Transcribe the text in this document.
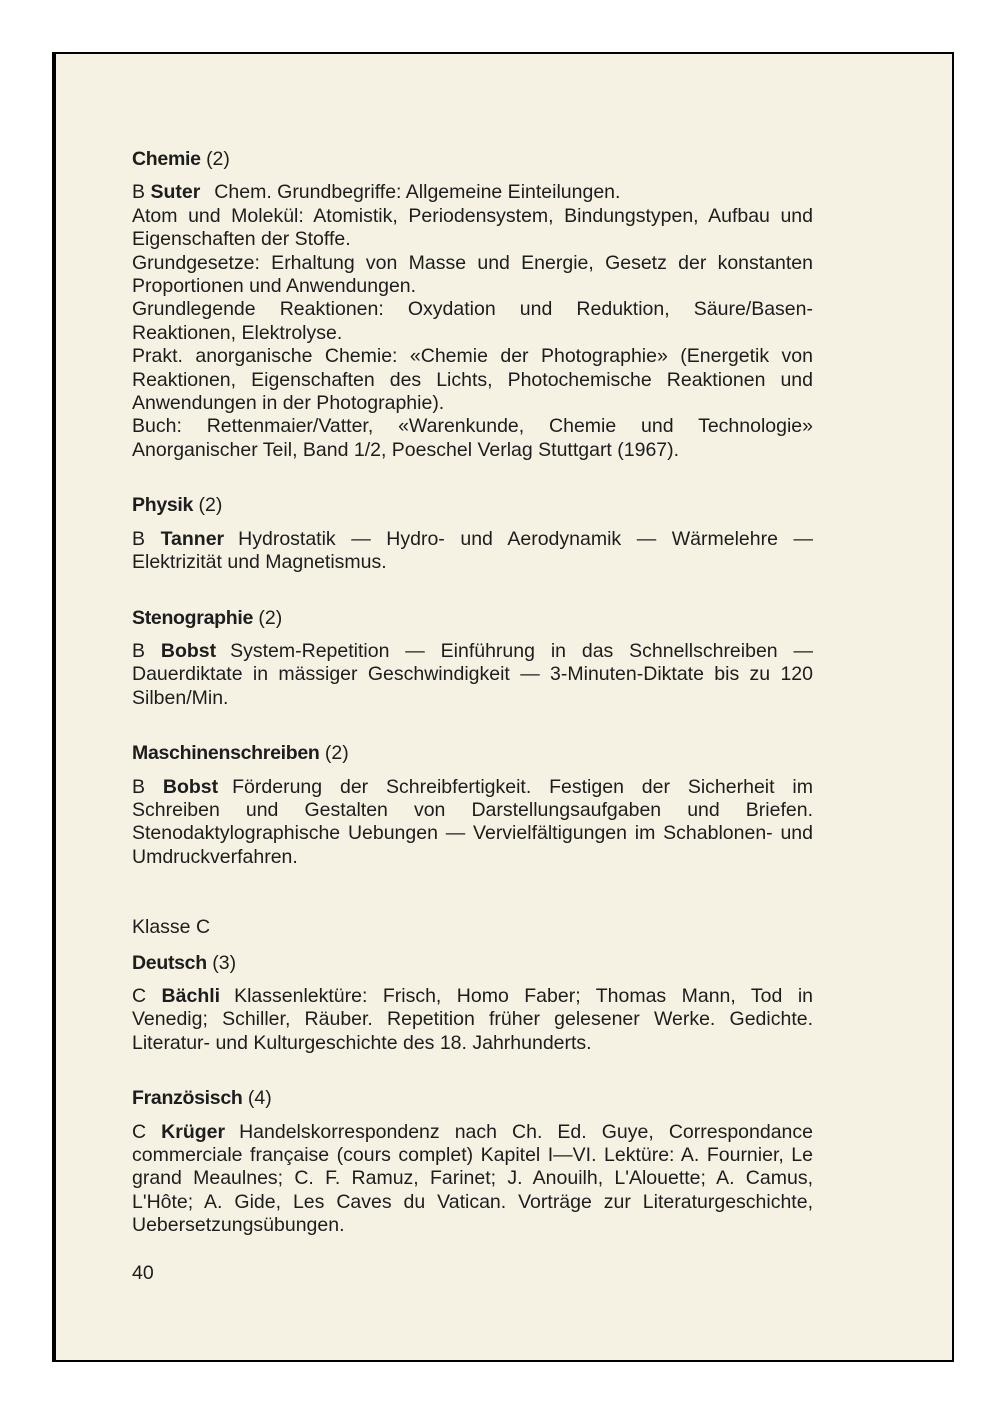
Chemie (2)

B Suter Chem. Grundbegriffe: Allgemeine Einteilungen.

Atom und Molekül: Atomistik, Periodensystem, Bindungstypen, Aufbau und Eigenschaften der Stoffe.

Grundgesetze: Erhaltung von Masse und Energie, Gesetz der konstanten Proportionen und Anwendungen.

Grundlegende Reaktionen: Oxydation und Reduktion, Säure/Basen-Reaktionen, Elektrolyse.

Prakt. anorganische Chemie: «Chemie der Photographie» (Energetik von Reaktionen, Eigenschaften des Lichts, Photochemische Reaktionen und Anwendungen in der Photographie).

Buch: Rettenmaier/Vatter, «Warenkunde, Chemie und Technologie» Anorganischer Teil, Band 1/2, Poeschel Verlag Stuttgart (1967).

Physik (2)

B Tanner Hydrostatik — Hydro- und Aerodynamik — Wärmelehre — Elektrizität und Magnetismus.

Stenographie (2)

B Bobst System-Repetition — Einführung in das Schnellschreiben — Dauerdiktate in mässiger Geschwindigkeit — 3-Minuten-Diktate bis zu 120 Silben/Min.

Maschinenschreiben (2)

B Bobst Förderung der Schreibfertigkeit. Festigen der Sicherheit im Schreiben und Gestalten von Darstellungsaufgaben und Briefen. Stenodaktylographische Uebungen — Vervielfältigungen im Schablonen- und Umdruckverfahren.

Klasse C
Deutsch (3)

C Bächli Klassenlektüre: Frisch, Homo Faber; Thomas Mann, Tod in Venedig; Schiller, Räuber. Repetition früher gelesener Werke. Gedichte. Literatur- und Kulturgeschichte des 18. Jahrhunderts.

Französisch (4)

C Krüger Handelskorrespondenz nach Ch. Ed. Guye, Correspondance commerciale française (cours complet) Kapitel I—VI. Lektüre: A. Fournier, Le grand Meaulnes; C. F. Ramuz, Farinet; J. Anouilh, L'Alouette; A. Camus, L'Hôte; A. Gide, Les Caves du Vatican. Vorträge zur Literaturgeschichte, Uebersetzungsübungen.

40
